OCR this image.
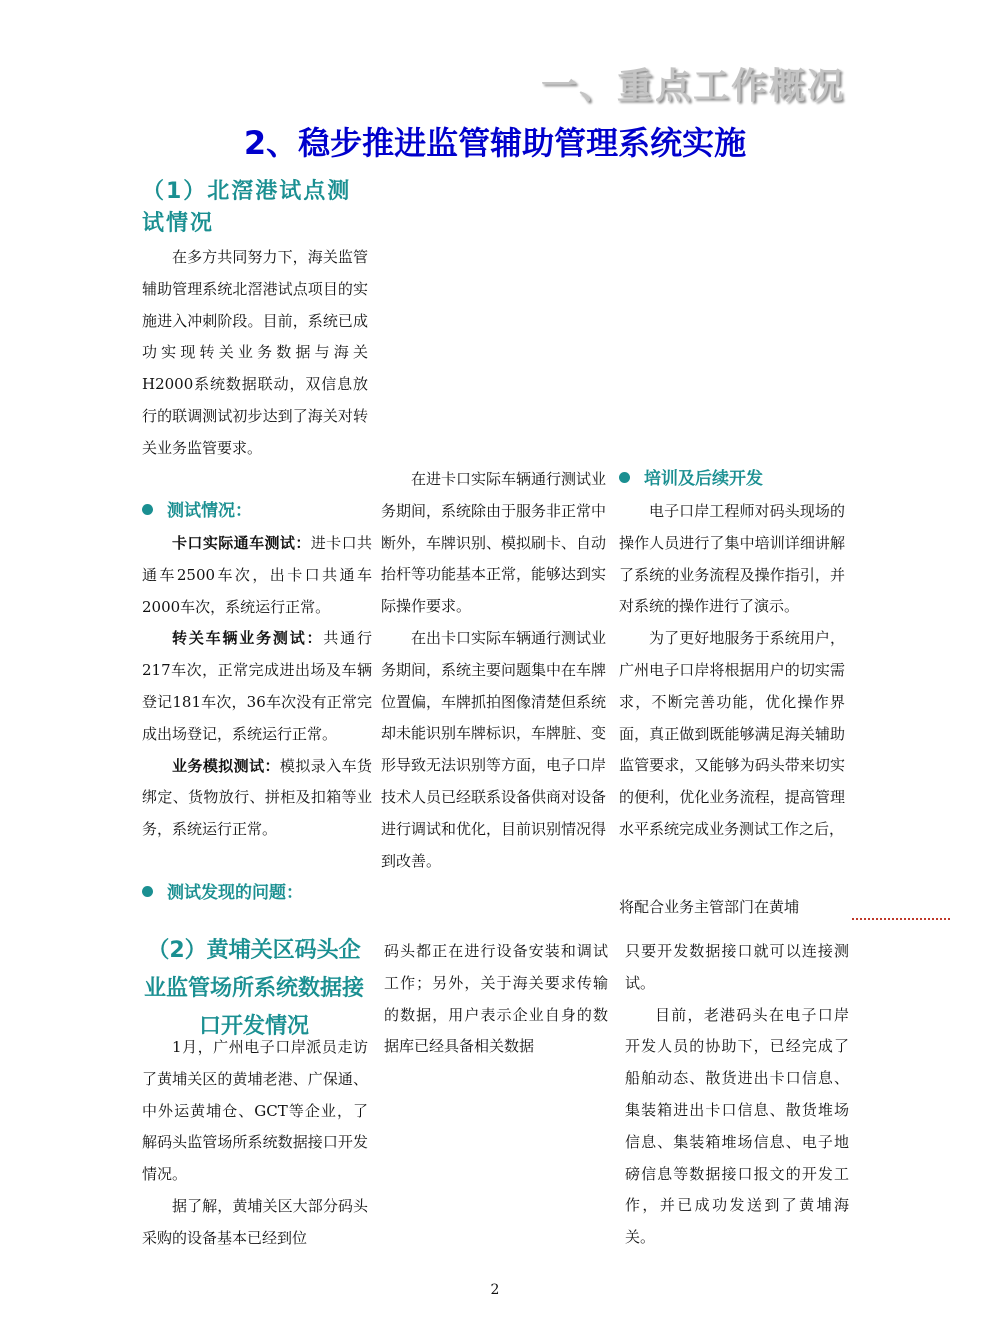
一、重点工作概况
2、稳步推进监管辅助管理系统实施
（1）北滘港试点测试情况

在多方共同努力下，海关监管辅助管理系统北滘港试点项目的实施进入冲刺阶段。目前，系统已成功实现转关业务数据与海关H2000系统数据联动，双信息放行的联调测试初步达到了海关对转关业务监管要求。

测试情况：

卡口实际通车测试：进卡口共通车2500车次，出卡口共通车2000车次，系统运行正常。

转关车辆业务测试：共通行217车次，正常完成进出场及车辆登记181车次，36车次没有正常完成出场登记，系统运行正常。

业务模拟测试：模拟录入车货绑定、货物放行、拼柜及扣箱等业务，系统运行正常。

测试发现的问题：

在进卡口实际车辆通行测试业务期间，系统除由于服务非正常中断外，车牌识别、模拟刷卡、自动抬杆等功能基本正常，能够达到实际操作要求。

在出卡口实际车辆通行测试业务期间，系统主要问题集中在车牌位置偏，车牌抓拍图像清楚但系统却未能识别车牌标识，车牌脏、变形导致无法识别等方面，电子口岸技术人员已经联系设备供商对设备进行调试和优化，目前识别情况得到改善。

培训及后续开发

电子口岸工程师对码头现场的操作人员进行了集中培训详细讲解了系统的业务流程及操作指引，并对系统的操作进行了演示。

为了更好地服务于系统用户，广州电子口岸将根据用户的切实需求，不断完善功能，优化操作界面，真正做到既能够满足海关辅助监管要求，又能够为码头带来切实的便利，优化业务流程，提高管理水平系统完成业务测试工作之后，

将配合业务主管部门在黄埔

（2）黄埔关区码头企业监管场所系统数据接口开发情况

1月，广州电子口岸派员走访了黄埔关区的黄埔老港、广保通、中外运黄埔仓、GCT等企业，了解码头监管场所系统数据接口开发情况。

据了解，黄埔关区大部分码头采购的设备基本已经到位

码头都正在进行设备安装和调试工作；另外，关于海关要求传输的数据，用户表示企业自身的数据库已经具备相关数据

只要开发数据接口就可以连接测试。

目前，老港码头在电子口岸开发人员的协助下，已经完成了船舶动态、散货进出卡口信息、集装箱进出卡口信息、散货堆场信息、集装箱堆场信息、电子地磅信息等数据接口报文的开发工作，并已成功发送到了黄埔海关。

2
